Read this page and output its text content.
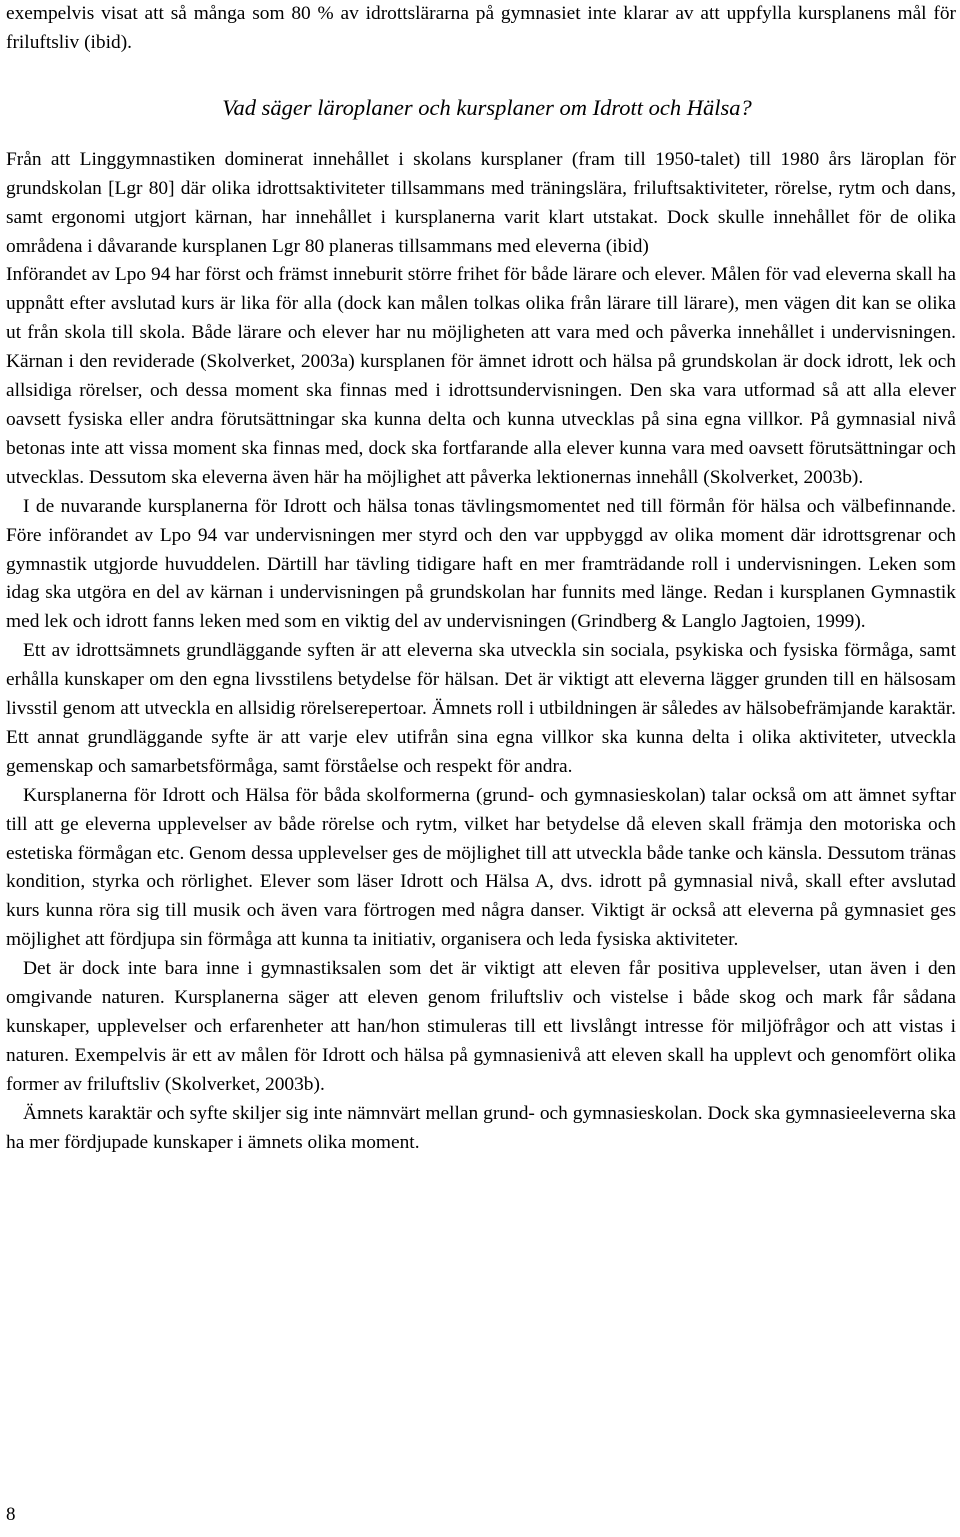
exempelvis visat att så många som 80 % av idrottslärarna på gymnasiet inte klarar av att uppfylla kursplanens mål för friluftsliv (ibid).

Vad säger läroplaner och kursplaner om Idrott och Hälsa?

Från att Linggymnastiken dominerat innehållet i skolans kursplaner (fram till 1950-talet) till 1980 års läroplan för grundskolan [Lgr 80] där olika idrottsaktiviteter tillsammans med träningslära, friluftsaktiviteter, rörelse, rytm och dans, samt ergonomi utgjort kärnan, har innehållet i kursplanerna varit klart utstakat. Dock skulle innehållet för de olika områdena i dåvarande kursplanen Lgr 80 planeras tillsammans med eleverna (ibid)

Införandet av Lpo 94 har först och främst inneburit större frihet för både lärare och elever. Målen för vad eleverna skall ha uppnått efter avslutad kurs är lika för alla (dock kan målen tolkas olika från lärare till lärare), men vägen dit kan se olika ut från skola till skola. Både lärare och elever har nu möjligheten att vara med och påverka innehållet i undervisningen. Kärnan i den reviderade (Skolverket, 2003a) kursplanen för ämnet idrott och hälsa på grundskolan är dock idrott, lek och allsidiga rörelser, och dessa moment ska finnas med i idrottsundervisningen. Den ska vara utformad så att alla elever oavsett fysiska eller andra förutsättningar ska kunna delta och kunna utvecklas på sina egna villkor. På gymnasial nivå betonas inte att vissa moment ska finnas med, dock ska fortfarande alla elever kunna vara med oavsett förutsättningar och utvecklas. Dessutom ska eleverna även här ha möjlighet att påverka lektionernas innehåll (Skolverket, 2003b).

I de nuvarande kursplanerna för Idrott och hälsa tonas tävlingsmomentet ned till förmån för hälsa och välbefinnande. Före införandet av Lpo 94 var undervisningen mer styrd och den var uppbyggd av olika moment där idrottsgrenar och gymnastik utgjorde huvuddelen. Därtill har tävling tidigare haft en mer framträdande roll i undervisningen. Leken som idag ska utgöra en del av kärnan i undervisningen på grundskolan har funnits med länge. Redan i kursplanen Gymnastik med lek och idrott fanns leken med som en viktig del av undervisningen (Grindberg & Langlo Jagtoien, 1999).

Ett av idrottsämnets grundläggande syften är att eleverna ska utveckla sin sociala, psykiska och fysiska förmåga, samt erhålla kunskaper om den egna livsstilens betydelse för hälsan. Det är viktigt att eleverna lägger grunden till en hälsosam livsstil genom att utveckla en allsidig rörelserepertoar. Ämnets roll i utbildningen är således av hälsobefrämjande karaktär. Ett annat grundläggande syfte är att varje elev utifrån sina egna villkor ska kunna delta i olika aktiviteter, utveckla gemenskap och samarbetsförmåga, samt förståelse och respekt för andra.

Kursplanerna för Idrott och Hälsa för båda skolformerna (grund- och gymnasieskolan) talar också om att ämnet syftar till att ge eleverna upplevelser av både rörelse och rytm, vilket har betydelse då eleven skall främja den motoriska och estetiska förmågan etc. Genom dessa upplevelser ges de möjlighet till att utveckla både tanke och känsla. Dessutom tränas kondition, styrka och rörlighet. Elever som läser Idrott och Hälsa A, dvs. idrott på gymnasial nivå, skall efter avslutad kurs kunna röra sig till musik och även vara förtrogen med några danser. Viktigt är också att eleverna på gymnasiet ges möjlighet att fördjupa sin förmåga att kunna ta initiativ, organisera och leda fysiska aktiviteter.

Det är dock inte bara inne i gymnastiksalen som det är viktigt att eleven får positiva upplevelser, utan även i den omgivande naturen. Kursplanerna säger att eleven genom friluftsliv och vistelse i både skog och mark får sådana kunskaper, upplevelser och erfarenheter att han/hon stimuleras till ett livslångt intresse för miljöfrågor och att vistas i naturen. Exempelvis är ett av målen för Idrott och hälsa på gymnasienivå att eleven skall ha upplevt och genomfört olika former av friluftsliv (Skolverket, 2003b).

Ämnets karaktär och syfte skiljer sig inte nämnvärt mellan grund- och gymnasieskolan. Dock ska gymnasieeleverna ska ha mer fördjupade kunskaper i ämnets olika moment.

8
